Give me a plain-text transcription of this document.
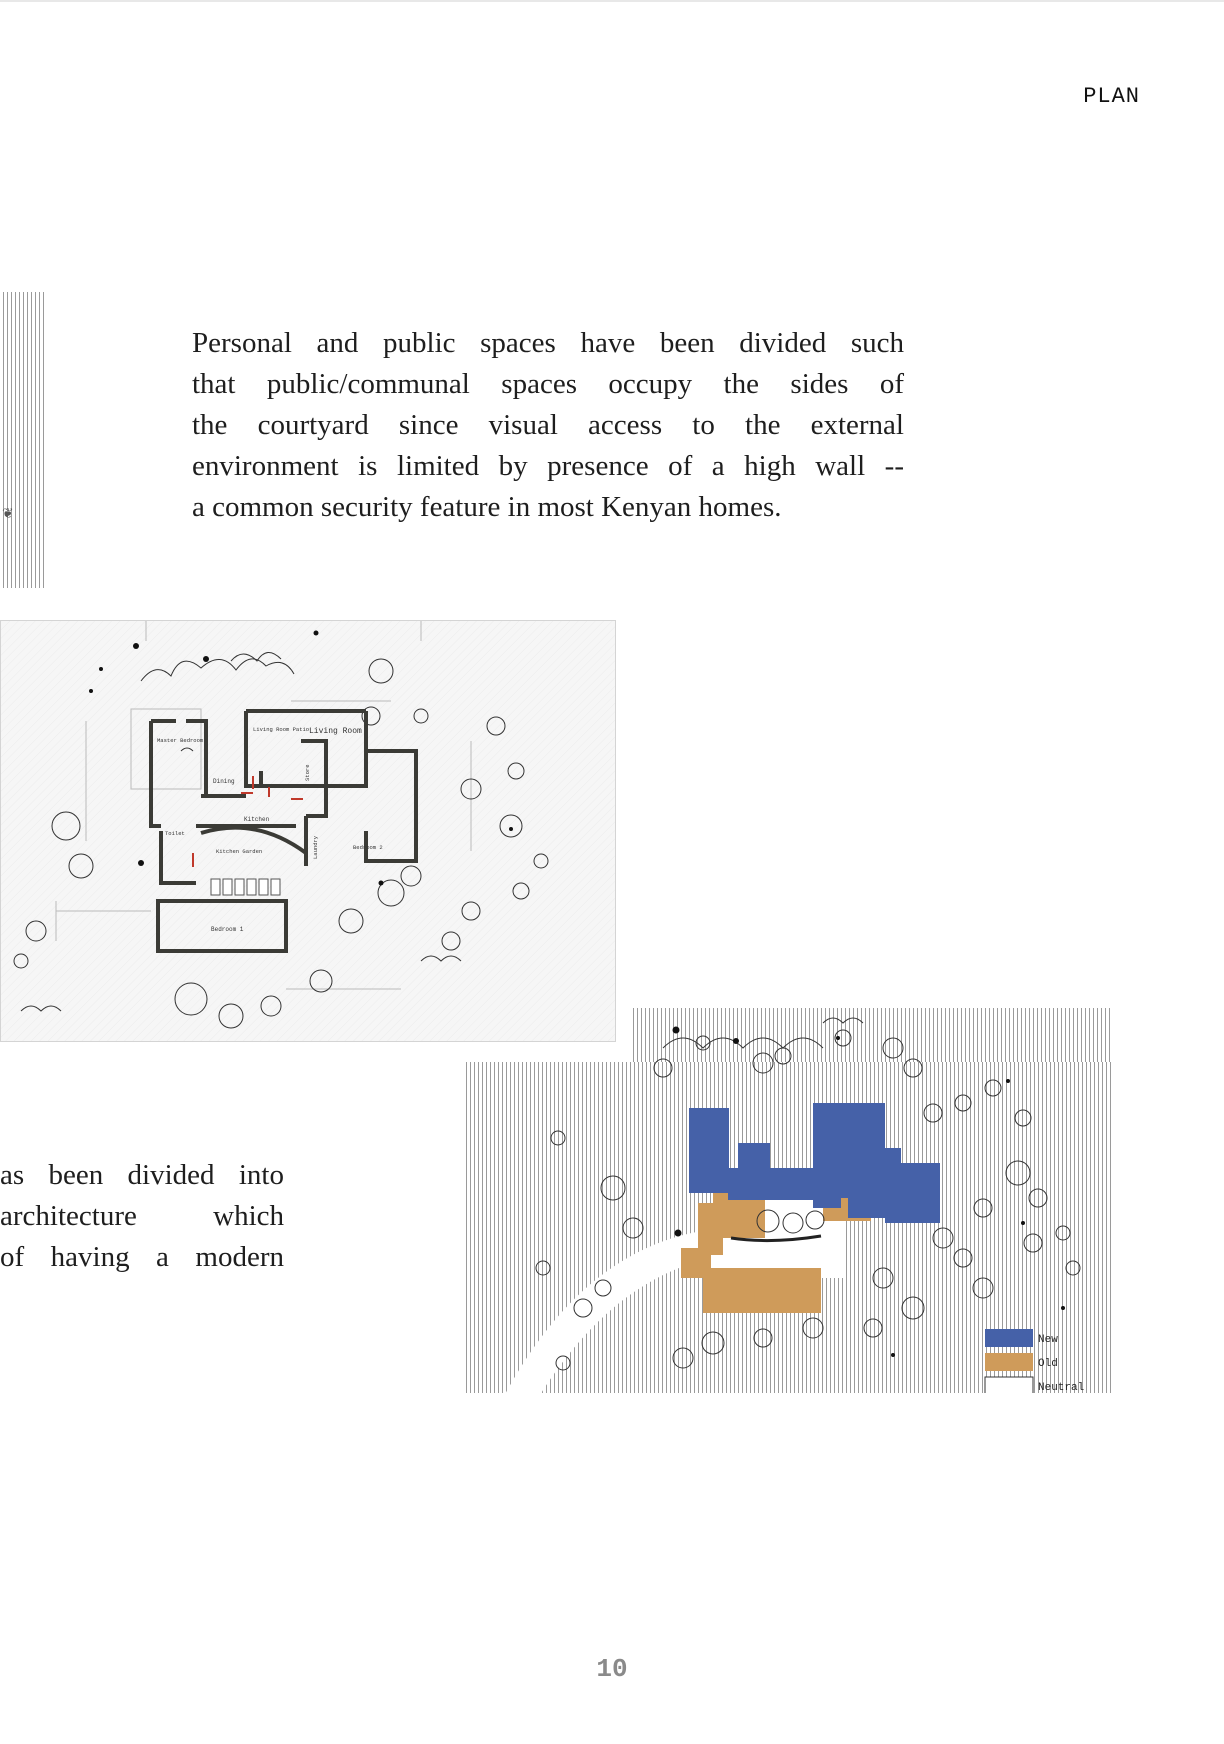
PLAN
❦
Personal and public spaces have been divided such
that public/communal spaces occupy the sides of
the courtyard since visual access to the external
environment is limited by presence of a high wall --
a common security feature in most Kenyan homes.
Master Bedroom
Living Room Patio Living Room
Dining
Kitchen
Store
Laundry	Bedroom 2
Kitchen Garden
Bedroom 1
Toilet
New
Old
Neutral
as been divided into
architecture which
of having a modern
10
